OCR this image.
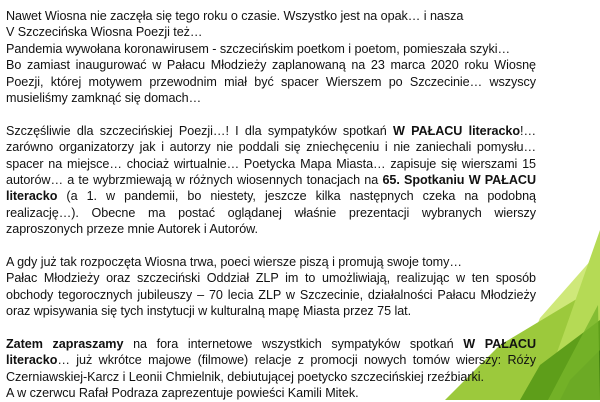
Nawet Wiosna nie zaczęła się tego roku o czasie. Wszystko jest na opak… i nasza

V Szczecińska Wiosna Poezji też…

Pandemia wywołana koronawirusem - szczecińskim poetkom i poetom, pomieszała szyki…

Bo zamiast inaugurować w Pałacu Młodzieży zaplanowaną na 23 marca 2020 roku Wiosnę Poezji, której motywem przewodnim miał być spacer Wierszem po Szczecinie… wszyscy musieliśmy zamknąć się domach…

Szczęśliwie dla szczecińskiej Poezji…! I dla sympatyków spotkań W PAŁACU literacko!… zarówno organizatorzy jak i autorzy nie poddali się zniechęceniu i nie zaniechali pomysłu… spacer na miejsce… chociaż wirtualnie… Poetycka Mapa Miasta… zapisuje się wierszami 15 autorów… a te wybrzmiewają w różnych wiosennych tonacjach na 65. Spotkaniu W PAŁACU literacko (a 1. w pandemii, bo niestety, jeszcze kilka następnych czeka na podobną realizację…). Obecne ma postać oglądanej właśnie prezentacji wybranych wierszy zaproszonych przeze mnie Autorek i Autorów.

A gdy już tak rozpoczęta Wiosna trwa, poeci wiersze piszą i promują swoje tomy…

Pałac Młodzieży oraz szczeciński Oddział ZLP im to umożliwiają, realizując w ten sposób obchody tegorocznych jubileuszy – 70 lecia ZLP w Szczecinie, działalności Pałacu Młodzieży oraz wpisywania się tych instytucji w kulturalną mapę Miasta przez 75 lat.

Zatem zapraszamy na fora internetowe wszystkich sympatyków spotkań W PAŁACU literacko… już wkrótce majowe (filmowe) relacje z promocji nowych tomów wierszy: Róży Czerniawskiej-Karcz i Leonii Chmielnik, debiutującej poetycko szczecińskiej rzeźbiarki.

A w czerwcu Rafał Podraza zaprezentuje powieści Kamili Mitek.
